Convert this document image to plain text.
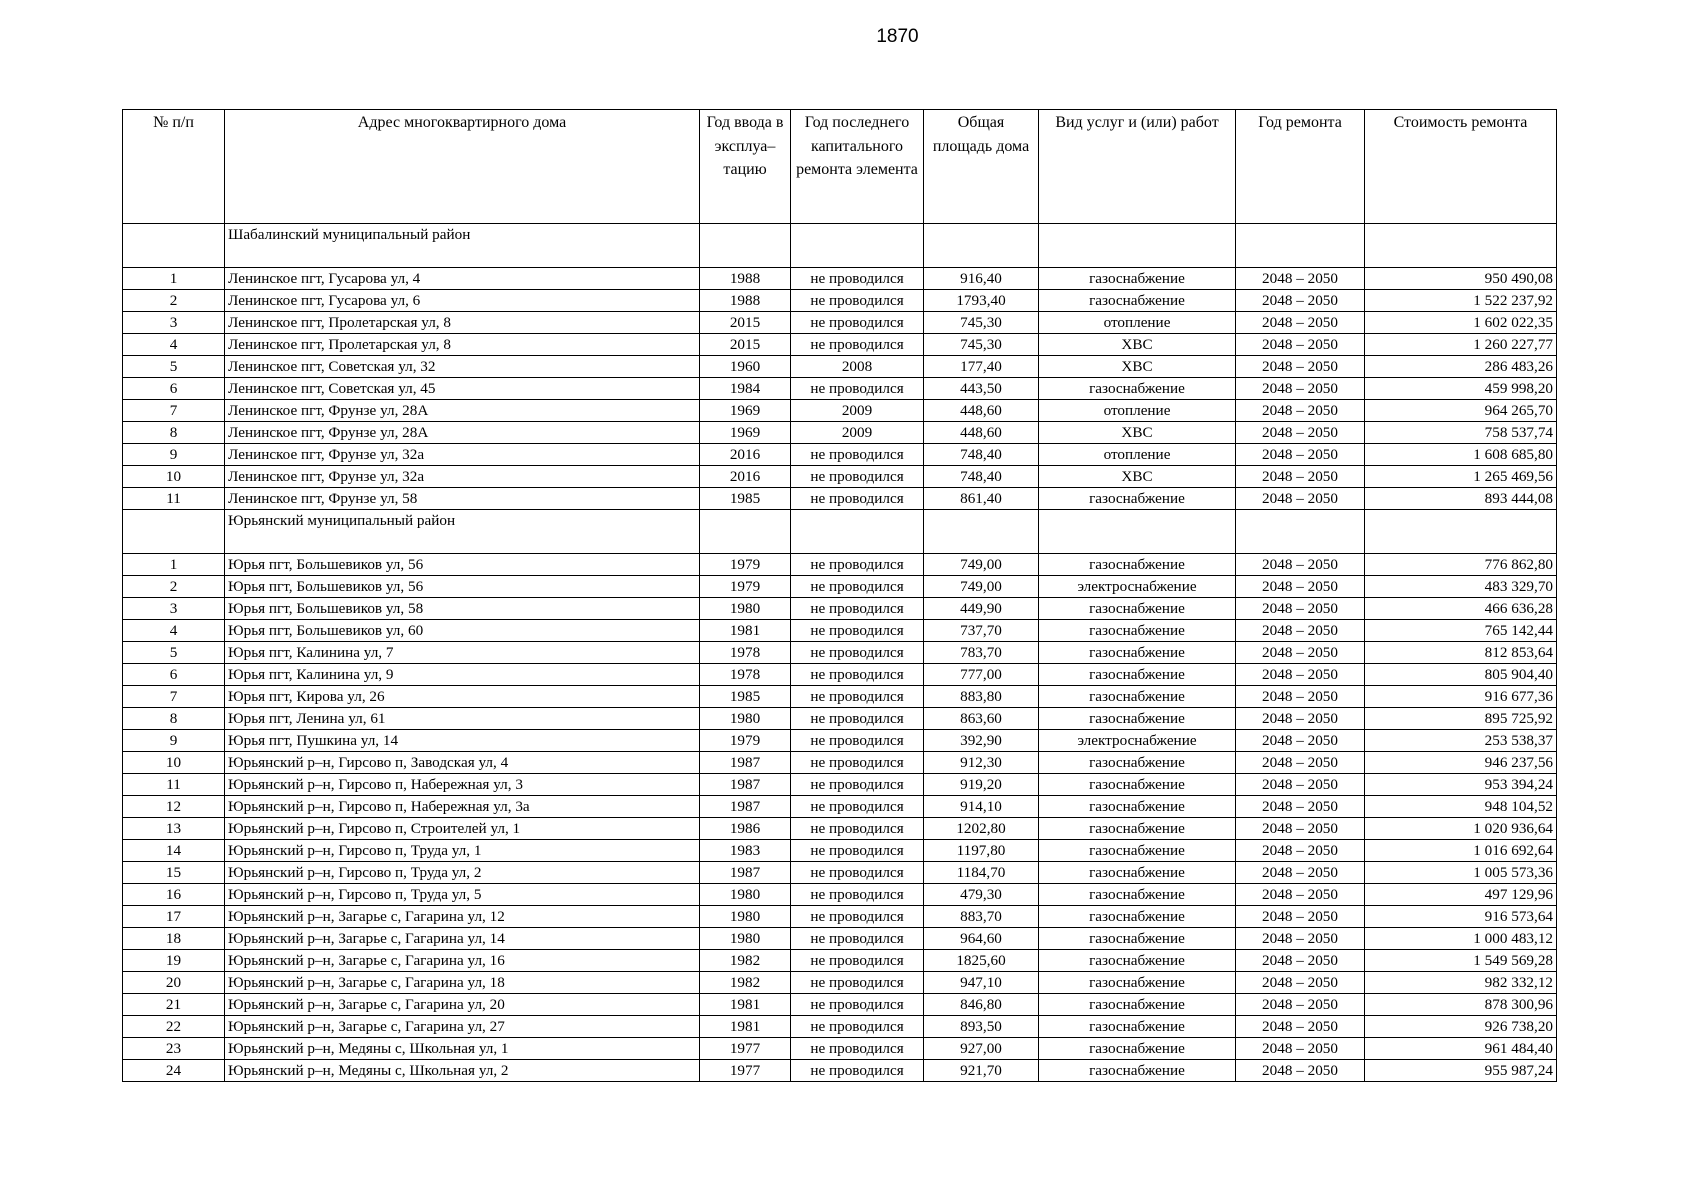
1870
№ п/п	Адрес многоквартирного дома	Год ввода в эксплуа– тацию	Год последнего капитального ремонта элемента	Общая площадь дома	Вид услуг и (или) работ	Год ремонта	Стоимость ремонта
	Шабалинский муниципальный район						
1	Ленинское пгт, Гусарова ул, 4	1988	не проводился	916,40	газоснабжение	2048 – 2050	950 490,08
2	Ленинское пгт, Гусарова ул, 6	1988	не проводился	1793,40	газоснабжение	2048 – 2050	1 522 237,92
3	Ленинское пгт, Пролетарская ул, 8	2015	не проводился	745,30	отопление	2048 – 2050	1 602 022,35
4	Ленинское пгт, Пролетарская ул, 8	2015	не проводился	745,30	ХВС	2048 – 2050	1 260 227,77
5	Ленинское пгт, Советская ул, 32	1960	2008	177,40	ХВС	2048 – 2050	286 483,26
6	Ленинское пгт, Советская ул, 45	1984	не проводился	443,50	газоснабжение	2048 – 2050	459 998,20
7	Ленинское пгт, Фрунзе ул, 28А	1969	2009	448,60	отопление	2048 – 2050	964 265,70
8	Ленинское пгт, Фрунзе ул, 28А	1969	2009	448,60	ХВС	2048 – 2050	758 537,74
9	Ленинское пгт, Фрунзе ул, 32а	2016	не проводился	748,40	отопление	2048 – 2050	1 608 685,80
10	Ленинское пгт, Фрунзе ул, 32а	2016	не проводился	748,40	ХВС	2048 – 2050	1 265 469,56
11	Ленинское пгт, Фрунзе ул, 58	1985	не проводился	861,40	газоснабжение	2048 – 2050	893 444,08
	Юрьянский муниципальный район						
1	Юрья пгт, Большевиков ул, 56	1979	не проводился	749,00	газоснабжение	2048 – 2050	776 862,80
2	Юрья пгт, Большевиков ул, 56	1979	не проводился	749,00	электроснабжение	2048 – 2050	483 329,70
3	Юрья пгт, Большевиков ул, 58	1980	не проводился	449,90	газоснабжение	2048 – 2050	466 636,28
4	Юрья пгт, Большевиков ул, 60	1981	не проводился	737,70	газоснабжение	2048 – 2050	765 142,44
5	Юрья пгт, Калинина ул, 7	1978	не проводился	783,70	газоснабжение	2048 – 2050	812 853,64
6	Юрья пгт, Калинина ул, 9	1978	не проводился	777,00	газоснабжение	2048 – 2050	805 904,40
7	Юрья пгт, Кирова ул, 26	1985	не проводился	883,80	газоснабжение	2048 – 2050	916 677,36
8	Юрья пгт, Ленина ул, 61	1980	не проводился	863,60	газоснабжение	2048 – 2050	895 725,92
9	Юрья пгт, Пушкина ул, 14	1979	не проводился	392,90	электроснабжение	2048 – 2050	253 538,37
10	Юрьянский р–н, Гирсово п, Заводская ул, 4	1987	не проводился	912,30	газоснабжение	2048 – 2050	946 237,56
11	Юрьянский р–н, Гирсово п, Набережная ул, 3	1987	не проводился	919,20	газоснабжение	2048 – 2050	953 394,24
12	Юрьянский р–н, Гирсово п, Набережная ул, 3а	1987	не проводился	914,10	газоснабжение	2048 – 2050	948 104,52
13	Юрьянский р–н, Гирсово п, Строителей ул, 1	1986	не проводился	1202,80	газоснабжение	2048 – 2050	1 020 936,64
14	Юрьянский р–н, Гирсово п, Труда ул, 1	1983	не проводился	1197,80	газоснабжение	2048 – 2050	1 016 692,64
15	Юрьянский р–н, Гирсово п, Труда ул, 2	1987	не проводился	1184,70	газоснабжение	2048 – 2050	1 005 573,36
16	Юрьянский р–н, Гирсово п, Труда ул, 5	1980	не проводился	479,30	газоснабжение	2048 – 2050	497 129,96
17	Юрьянский р–н, Загарье с, Гагарина ул, 12	1980	не проводился	883,70	газоснабжение	2048 – 2050	916 573,64
18	Юрьянский р–н, Загарье с, Гагарина ул, 14	1980	не проводился	964,60	газоснабжение	2048 – 2050	1 000 483,12
19	Юрьянский р–н, Загарье с, Гагарина ул, 16	1982	не проводился	1825,60	газоснабжение	2048 – 2050	1 549 569,28
20	Юрьянский р–н, Загарье с, Гагарина ул, 18	1982	не проводился	947,10	газоснабжение	2048 – 2050	982 332,12
21	Юрьянский р–н, Загарье с, Гагарина ул, 20	1981	не проводился	846,80	газоснабжение	2048 – 2050	878 300,96
22	Юрьянский р–н, Загарье с, Гагарина ул, 27	1981	не проводился	893,50	газоснабжение	2048 – 2050	926 738,20
23	Юрьянский р–н, Медяны с, Школьная ул, 1	1977	не проводился	927,00	газоснабжение	2048 – 2050	961 484,40
24	Юрьянский р–н, Медяны с, Школьная ул, 2	1977	не проводился	921,70	газоснабжение	2048 – 2050	955 987,24
